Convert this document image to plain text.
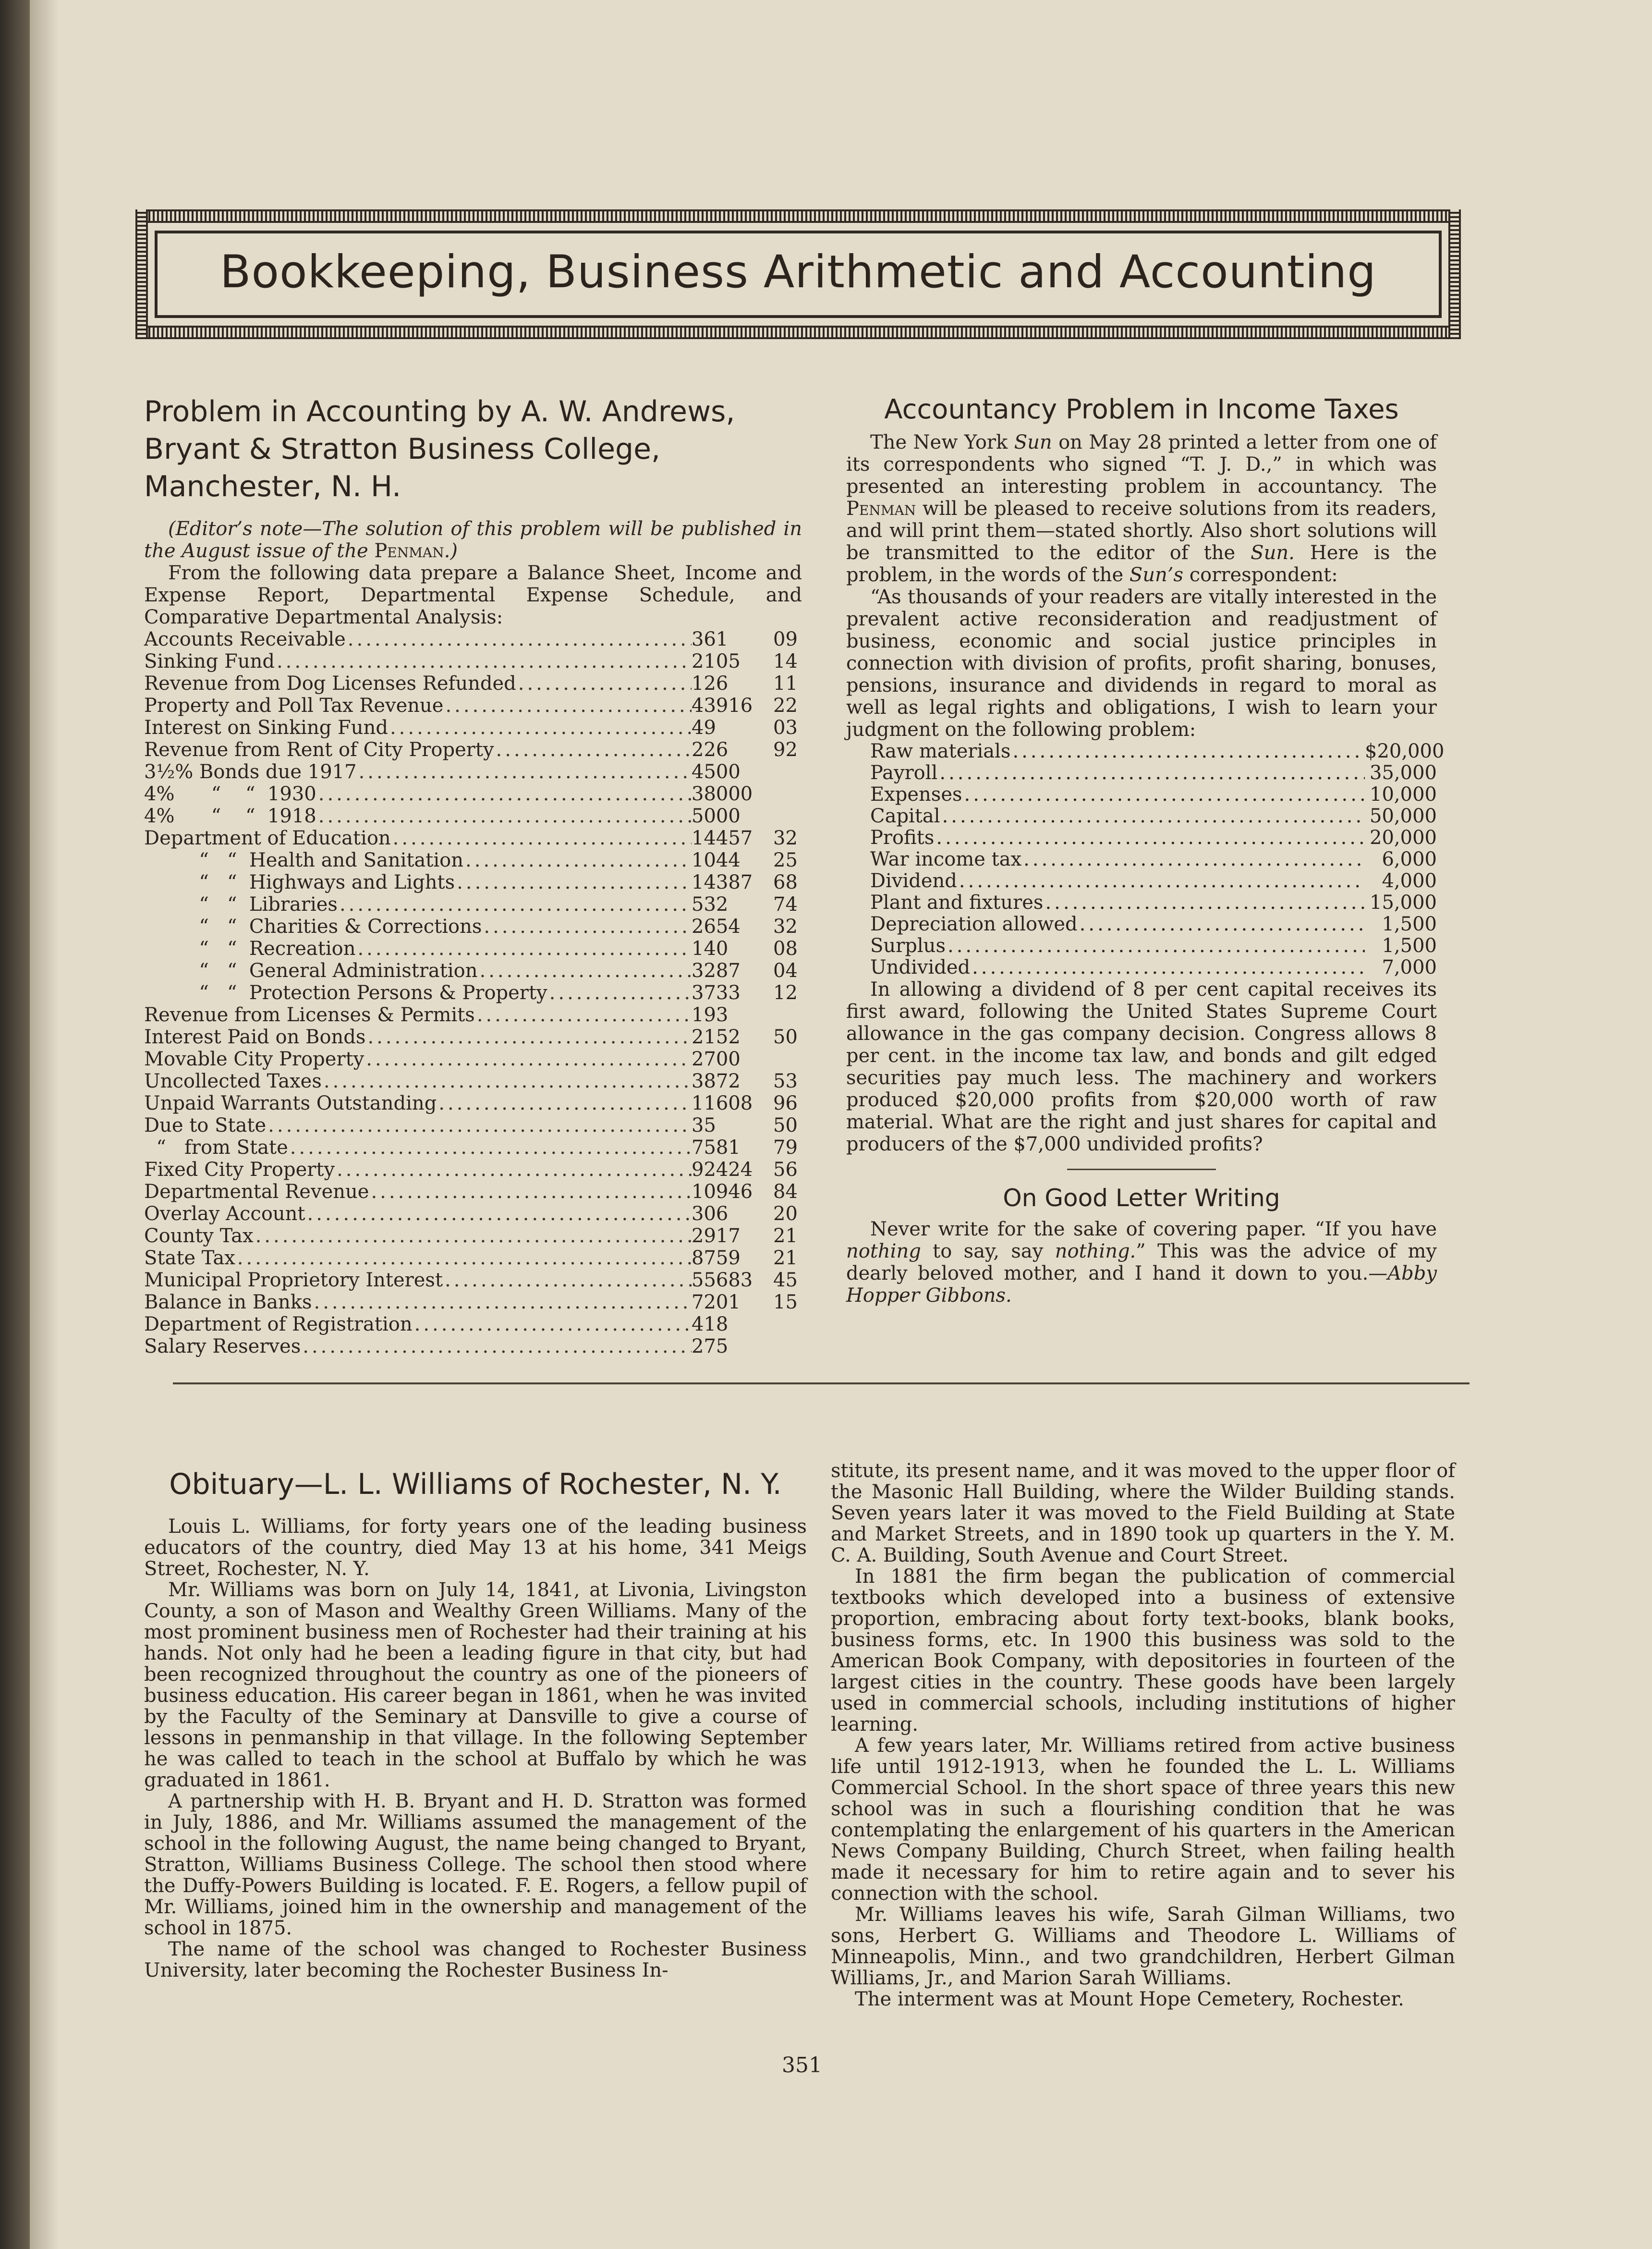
Bookkeeping, Business Arithmetic and Accounting
Problem in Accounting by A. W. Andrews, Bryant & Stratton Business College, Manchester, N. H.

(Editor’s note—The solution of this problem will be published in the August issue of the Penman.)

From the following data prepare a Balance Sheet, Income and Expense Report, Departmental Expense Schedule, and Comparative Departmental Analysis:

Accounts Receivable .....	361	09
Sinking Fund .....	2105	14
Revenue from Dog Licenses Refunded .....	126	11
Property and Poll Tax Revenue .....	43916	22
Interest on Sinking Fund .....	49	03
Revenue from Rent of City Property .....	226	92
3½% Bonds due 1917 .....	4500
4%      “    “  1930 .....	38000
4%      “    “  1918 .....	5000
Department of Education .....	14457	32
“   “  Health and Sanitation .....	1044	25
“   “  Highways and Lights .....	14387	68
“   “  Libraries .....	532	74
“   “  Charities & Corrections .....	2654	32
“   “  Recreation .....	140	08
“   “  General Administration .....	3287	04
“   “  Protection Persons & Property .....	3733	12
Revenue from Licenses & Permits .....	193
Interest Paid on Bonds .....	2152	50
Movable City Property .....	2700
Uncollected Taxes .....	3872	53
Unpaid Warrants Outstanding .....	11608	96
Due to State .....	35	50
“   from State .....	7581	79
Fixed City Property .....	92424	56
Departmental Revenue .....	10946	84
Overlay Account .....	306	20
County Tax .....	2917	21
State Tax .....	8759	21
Municipal Proprietory Interest .....	55683	45
Balance in Banks .....	7201	15
Department of Registration .....	418
Salary Reserves .....	275
Accountancy Problem in Income Taxes

The New York Sun on May 28 printed a letter from one of its correspondents who signed “T. J. D.,” in which was presented an interesting problem in accountancy. The Penman will be pleased to receive solutions from its readers, and will print them—stated shortly. Also short solutions will be transmitted to the editor of the Sun. Here is the problem, in the words of the Sun’s correspondent:

“As thousands of your readers are vitally interested in the prevalent active reconsideration and readjustment of business, economic and social justice principles in connection with division of profits, profit sharing, bonuses, pensions, insurance and dividends in regard to moral as well as legal rights and obligations, I wish to learn your judgment on the following problem:

Raw materials .....	$20,000
Payroll .....	35,000
Expenses .....	10,000
Capital .....	50,000
Profits .....	20,000
War income tax .....	6,000
Dividend .....	4,000
Plant and fixtures .....	15,000
Depreciation allowed .....	1,500
Surplus .....	1,500
Undivided .....	7,000

In allowing a dividend of 8 per cent capital receives its first award, following the United States Supreme Court allowance in the gas company decision. Congress allows 8 per cent. in the income tax law, and bonds and gilt edged securities pay much less. The machinery and workers produced $20,000 profits from $20,000 worth of raw material. What are the right and just shares for capital and producers of the $7,000 undivided profits?

On Good Letter Writing

Never write for the sake of covering paper. “If you have nothing to say, say nothing.” This was the advice of my dearly beloved mother, and I hand it down to you.—Abby Hopper Gibbons.

Obituary—L. L. Williams of Rochester, N. Y.

Louis L. Williams, for forty years one of the leading business educators of the country, died May 13 at his home, 341 Meigs Street, Rochester, N. Y.

Mr. Williams was born on July 14, 1841, at Livonia, Livingston County, a son of Mason and Wealthy Green Williams. Many of the most prominent business men of Rochester had their training at his hands. Not only had he been a leading figure in that city, but had been recognized throughout the country as one of the pioneers of business education. His career began in 1861, when he was invited by the Faculty of the Seminary at Dansville to give a course of lessons in penmanship in that village. In the following September he was called to teach in the school at Buffalo by which he was graduated in 1861.

A partnership with H. B. Bryant and H. D. Stratton was formed in July, 1886, and Mr. Williams assumed the management of the school in the following August, the name being changed to Bryant, Stratton, Williams Business College. The school then stood where the Duffy-Powers Building is located. F. E. Rogers, a fellow pupil of Mr. Williams, joined him in the ownership and management of the school in 1875.

The name of the school was changed to Rochester Business University, later becoming the Rochester Business In-

stitute, its present name, and it was moved to the upper floor of the Masonic Hall Building, where the Wilder Building stands. Seven years later it was moved to the Field Building at State and Market Streets, and in 1890 took up quarters in the Y. M. C. A. Building, South Avenue and Court Street.

In 1881 the firm began the publication of commercial textbooks which developed into a business of extensive proportion, embracing about forty text-books, blank books, business forms, etc. In 1900 this business was sold to the American Book Company, with depositories in fourteen of the largest cities in the country. These goods have been largely used in commercial schools, including institutions of higher learning.

A few years later, Mr. Williams retired from active business life until 1912-1913, when he founded the L. L. Williams Commercial School. In the short space of three years this new school was in such a flourishing condition that he was contemplating the enlargement of his quarters in the American News Company Building, Church Street, when failing health made it necessary for him to retire again and to sever his connection with the school.

Mr. Williams leaves his wife, Sarah Gilman Williams, two sons, Herbert G. Williams and Theodore L. Williams of Minneapolis, Minn., and two grandchildren, Herbert Gilman Williams, Jr., and Marion Sarah Williams.

The interment was at Mount Hope Cemetery, Rochester.

351
